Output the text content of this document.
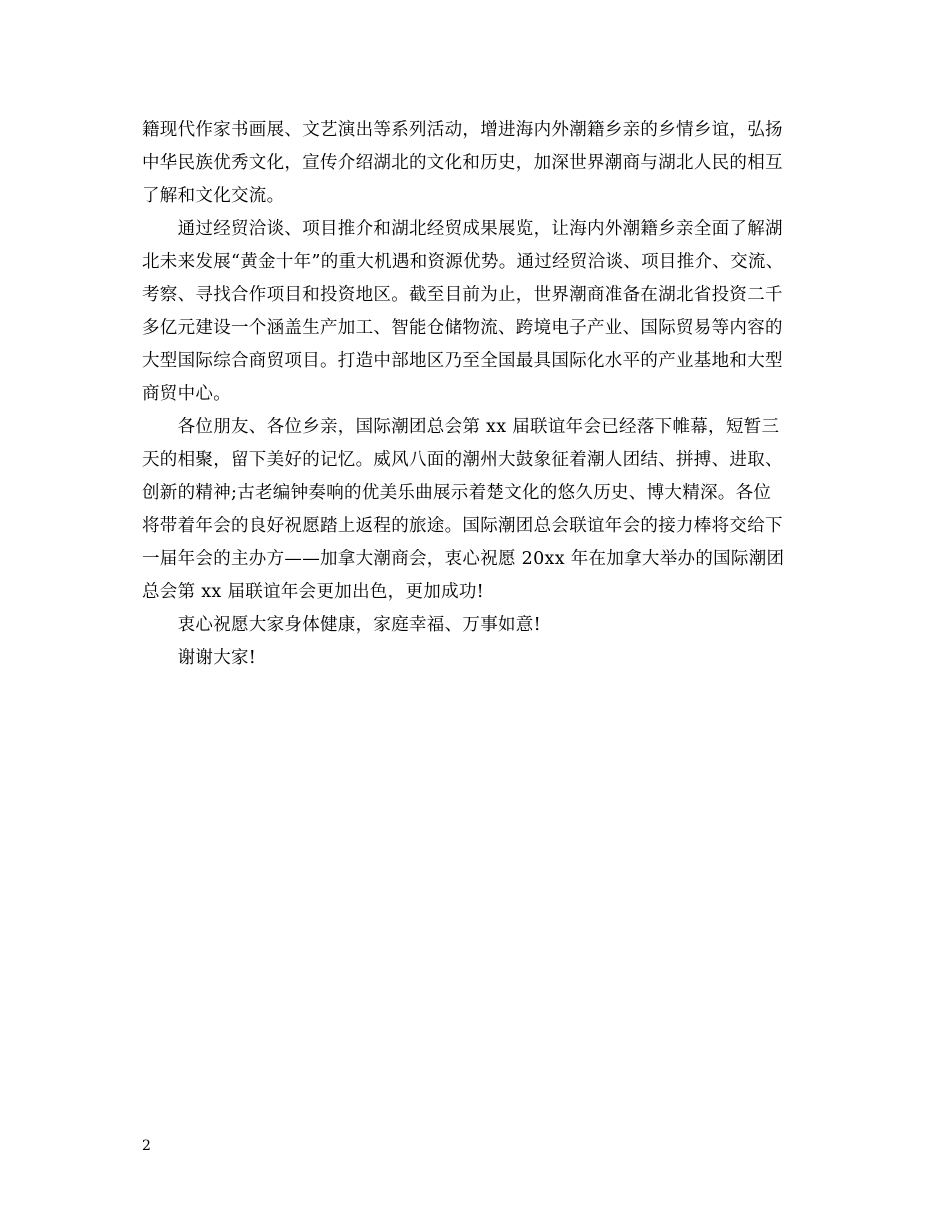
籍现代作家书画展、文艺演出等系列活动，增进海内外潮籍乡亲的乡情乡谊，弘扬
中华民族优秀文化，宣传介绍湖北的文化和历史，加深世界潮商与湖北人民的相互
了解和文化交流。
　　通过经贸洽谈、项目推介和湖北经贸成果展览，让海内外潮籍乡亲全面了解湖
北未来发展“黄金十年”的重大机遇和资源优势。通过经贸洽谈、项目推介、交流、
考察、寻找合作项目和投资地区。截至目前为止，世界潮商准备在湖北省投资二千
多亿元建设一个涵盖生产加工、智能仓储物流、跨境电子产业、国际贸易等内容的
大型国际综合商贸项目。打造中部地区乃至全国最具国际化水平的产业基地和大型
商贸中心。
　　各位朋友、各位乡亲，国际潮团总会第 xx 届联谊年会已经落下帷幕，短暂三
天的相聚，留下美好的记忆。威风八面的潮州大鼓象征着潮人团结、拼搏、进取、
创新的精神;古老编钟奏响的优美乐曲展示着楚文化的悠久历史、博大精深。各位
将带着年会的良好祝愿踏上返程的旅途。国际潮团总会联谊年会的接力棒将交给下
一届年会的主办方——加拿大潮商会，衷心祝愿 20xx 年在加拿大举办的国际潮团
总会第 xx 届联谊年会更加出色，更加成功!
　　衷心祝愿大家身体健康，家庭幸福、万事如意!
　　谢谢大家!
2
